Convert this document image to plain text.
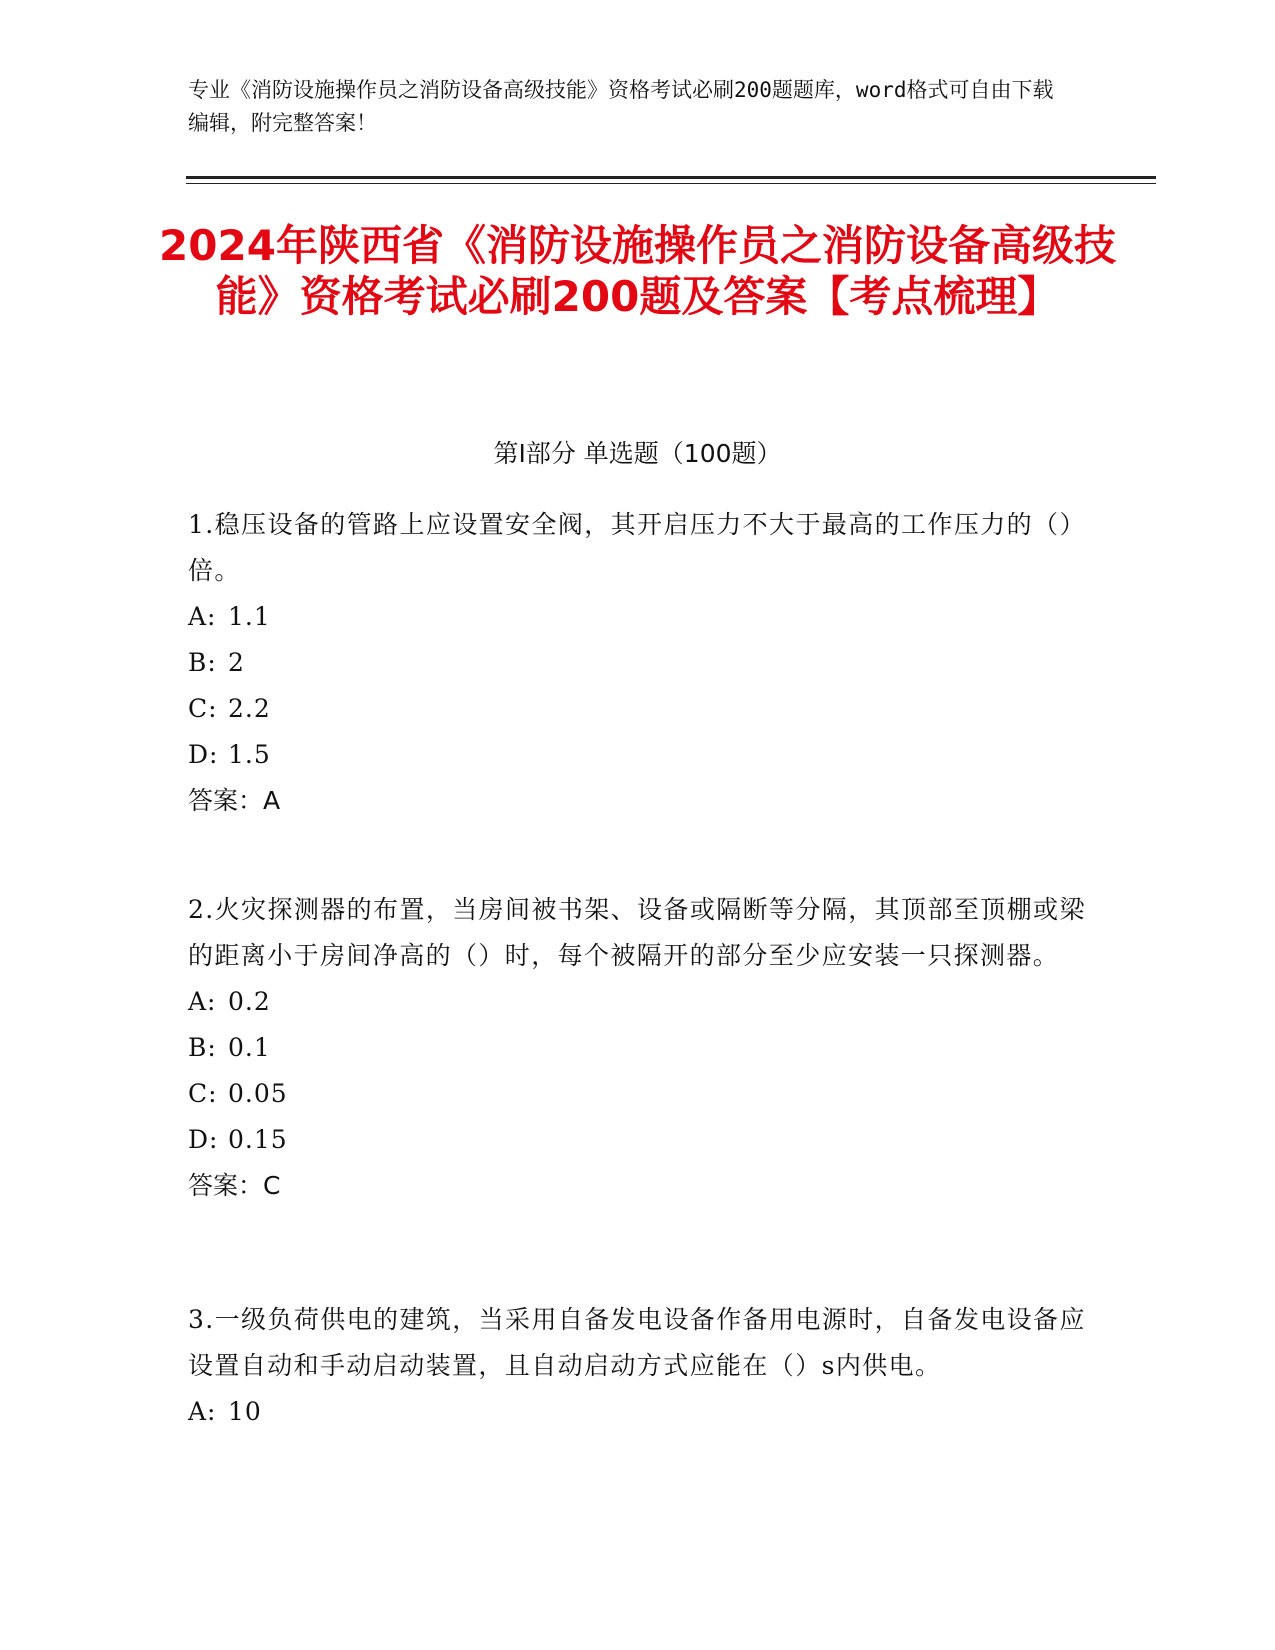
专业《消防设施操作员之消防设备高级技能》资格考试必刷200题题库，word格式可自由下载编辑，附完整答案！
2024年陕西省《消防设施操作员之消防设备高级技能》资格考试必刷200题及答案【考点梳理】
第I部分 单选题（100题）
1.稳压设备的管路上应设置安全阀，其开启压力不大于最高的工作压力的（）倍。
A: 1.1
B: 2
C: 2.2
D: 1.5
答案：A
2.火灾探测器的布置，当房间被书架、设备或隔断等分隔，其顶部至顶棚或梁的距离小于房间净高的（）时，每个被隔开的部分至少应安装一只探测器。
A: 0.2
B: 0.1
C: 0.05
D: 0.15
答案：C
3.一级负荷供电的建筑，当采用自备发电设备作备用电源时，自备发电设备应设置自动和手动启动装置，且自动启动方式应能在（）s内供电。
A: 10
